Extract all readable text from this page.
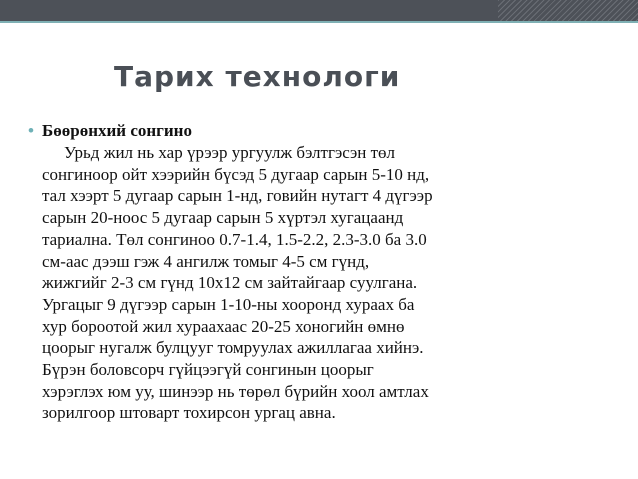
Тарих технологи
• Бөөрөнхий сонгино
Урьд жил нь хар үрээр ургуулж бэлтгэсэн төл
сонгиноор ойт хээрийн бүсэд 5 дугаар сарын 5-10 нд,
тал хээрт 5 дугаар сарын 1-нд, говийн нутагт 4 дүгээр
сарын 20-ноос 5 дугаар сарын 5 хүртэл хугацаанд
тариална. Төл сонгиноо 0.7-1.4, 1.5-2.2, 2.3-3.0 ба 3.0
см-аас дээш гэж 4 ангилж томыг 4-5 см гүнд,
жижгийг 2-3 см гүнд 10х12 см зайтайгаар суулгана.
Ургацыг 9 дүгээр сарын 1-10-ны хооронд хураах ба
хур бороотой жил хураахаас 20-25 хоногийн өмнө
цоорыг нугалж булцууг томруулах ажиллагаа хийнэ.
Бүрэн боловсорч гүйцээгүй сонгинын цоорыг
хэрэглэх юм уу, шинээр нь төрөл бүрийн хоол амтлах
зорилгоор штоварт тохирсон ургац авна.
